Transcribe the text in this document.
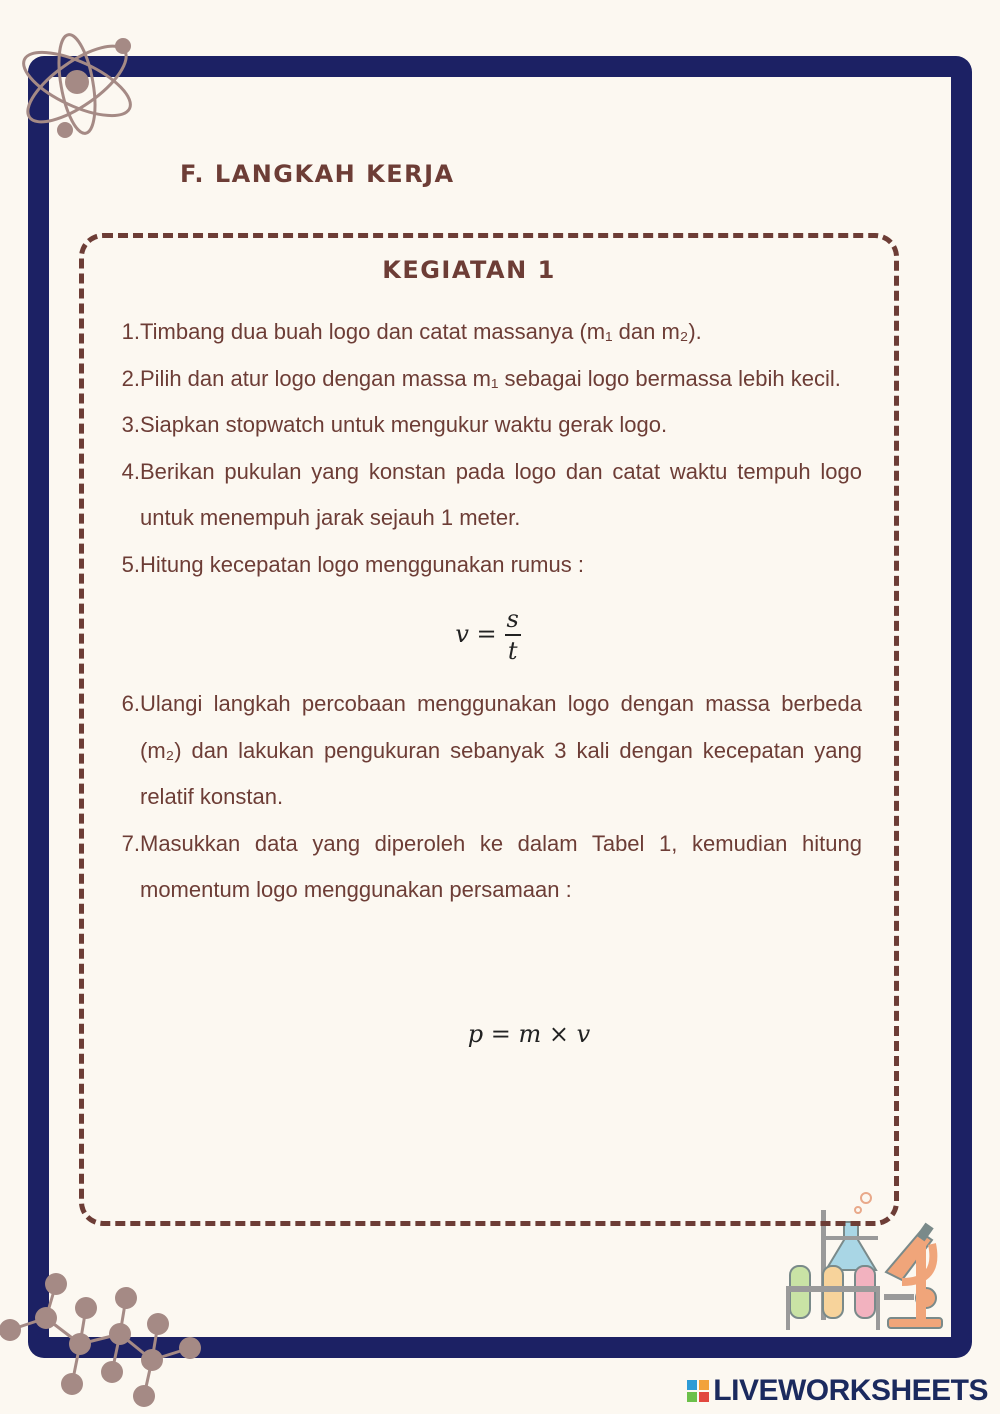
F. LANGKAH KERJA
KEGIATAN 1
1. Timbang dua buah logo dan catat massanya (m₁ dan m₂).
2. Pilih dan atur logo dengan massa m₁ sebagai logo bermassa lebih kecil.
3. Siapkan stopwatch untuk mengukur waktu gerak logo.
4. Berikan pukulan yang konstan pada logo dan catat waktu tempuh logo untuk menempuh jarak sejauh 1 meter.
5. Hitung kecepatan logo menggunakan rumus :
$v = \frac{s}{t}$
6. Ulangi langkah percobaan menggunakan logo dengan massa berbeda (m₂) dan lakukan pengukuran sebanyak 3 kali dengan kecepatan yang relatif konstan.
7. Masukkan data yang diperoleh ke dalam Tabel 1, kemudian hitung momentum logo menggunakan persamaan :
p = m × v
LIVEWORKSHEETS
